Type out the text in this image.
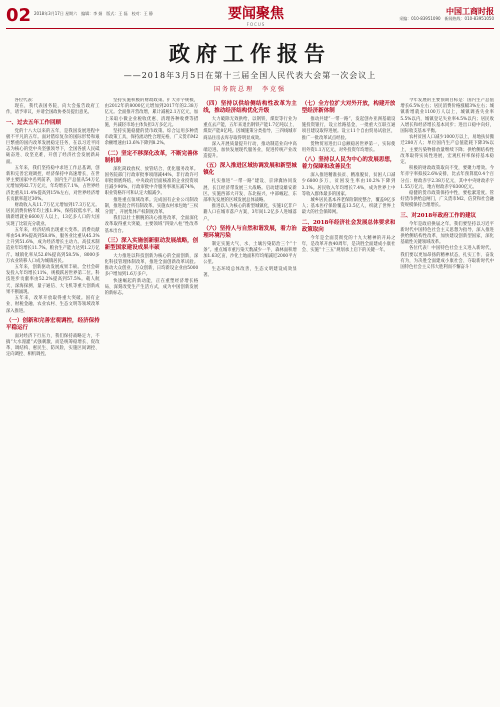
02 2018年3月17日 星期六　编辑：李 娟　版式：王 磊　校对：王 静	要闻聚焦
FOCUS
中国工商时报
采编：010-83951090　新闻热线：010-83951050
政府工作报告
——2018年3月5日在第十三届全国人民代表大会第一次会议上
国务院总理　李克强

各位代表：

现在，我代表国务院，向大会报告政府工作，请予审议，并请全国政协委员提出意见。

一、过去五年工作回顾

党的十八大以来的五年，是我国发展进程中极不平凡的五年。面对错综复杂的国际形势和艰巨繁重的国内改革发展稳定任务，在以习近平同志为核心的党中央坚强领导下，全国各族人民砥砺奋进、攻坚克难，开创了经济社会发展新局面。

五年来，我们坚持稳中求进工作总基调，创新和完善宏观调控，经济保持中高速增长，在世界主要国家中名列前茅，国内生产总值从54万亿元增加到82.7万亿元，年均增长7.1%，占世界经济比重从11.4%提高到15%左右，对世界经济增长贡献率超过30%。

财政收入从11.7万亿元增加到17.3万亿元。居民消费价格年均上涨1.9%，保持较低水平。城镇新增就业6600万人以上，13亿多人口的大国实现了比较充分就业。

五年来，经济结构出现重大变革。消费贡献率由54.9%提高到58.8%，服务业比重从45.3%上升到51.6%，成为经济增长主动力。高技术制造业年均增长11.7%。粮食生产能力达到1.2万亿斤。城镇化率从52.6%提高到58.5%，8000多万农业转移人口成为城镇居民。

五年来，创新驱动发展成果丰硕。全社会研发投入年均增长11%，规模跃居世界第二位。科技进步贡献率由52.2%提高到57.5%。载人航天、深海探测、量子通信、大飞机等重大创新成果不断涌现。

五年来，改革开放取得重大突破。国有企业、财税金融、农业农村、生态文明等领域改革深入推进。

（一）创新和完善宏观调控，经济保持平稳运行

面对经济下行压力，我们保持战略定力，不搞“大水漫灌”式强刺激，而是统筹稳增长、促改革、调结构、惠民生、防风险，实施区间调控、定向调控、相机调控。

坚持实施积极的财政政策。扩大赤字规模，由2012年的8000亿元增加到2017年的2.38万亿元。全面推开营改增，累计减税2.1万亿元，加上采取小微企业税收优惠、清理各种收费等措施，共减轻市场主体负担3万多亿元。

坚持实施稳健的货币政策。综合运用多种货币政策工具，保持流动性合理充裕，广义货币M2余额增速由13.6%下降到8.2%。

（二）坚定不移深化改革，不断完善体制机制

深化简政放权、放管结合、优化服务改革。国务院部门行政审批事项削减44%，非行政许可审批彻底终结，中央政府层面核准的企业投资项目减少90%，行政审批中介服务事项压减74%，职业资格许可和认定大幅减少。

推进重点领域改革。完成国有企业公司制改制，推进混合所有制改革。实施农村承包地“三权分置”，开展集体产权制度改革。

我们以壮士断腕的决心推进改革，全面深化改革取得重大突破，主要领域“四梁八柱”性改革基本出台。

（三）深入实施创新驱动发展战略，创新型国家建设成果丰硕

大力推进以科技创新为核心的全面创新，深化科技管理体制改革，推进全面创新改革试验。推动大众创业、万众创新，日均新设企业由5000多户增加到1.6万多户。

快速崛起的新动能，正在重塑经济增长格局、深刻改变生产生活方式，成为中国创新发展的新标志。

（四）坚持以供给侧结构性改革为主线，推动经济结构优化升级

大力破除无效供给，以钢铁、煤炭等行业为重点去产能，五年来退出钢铁产能1.7亿吨以上、煤炭产能8亿吨。因城施策分类指导，三四线城市商品住房去库存取得明显成效。

深入开展质量提升行动，推动制造业向中高端迈进。加快发展现代服务业，促进传统产业改造提升。

（五）深入推进区域协调发展和新型城镇化

扎实推进“一带一路”建设、京津冀协同发展、长江经济带发展三大战略。启动建设雄安新区。实施西部大开发、东北振兴、中部崛起、东部率先发展的区域发展总体战略。

推进以人为核心的新型城镇化，实施1亿非户籍人口在城市落户方案，3年间1.2亿多人进城落户。

（六）坚持人与自然和谐发展，着力治理环境污染

制定实施大气、水、土壤污染防治三个“十条”。重点城市重污染天数减少一半，森林面积增加1.63亿亩，沙化土地面积年均缩减近2000平方公里。

生态环境总体改善，生态文明建设成效显著。

（七）全方位扩大对外开放，构建开放型经济新体制

推动共建“一带一路”，发起创办亚洲基础设施投资银行，设立丝路基金，一批重大互联互通项目建设取得进展。设立11个自由贸易试验区，推广一批改革试点经验。

货物贸易进出口总额稳居世界第一，实际使用外资1.1万亿元，对外投资年均增长。

（八）坚持以人民为中心的发展思想，着力保障和改善民生

深入推进精准扶贫、精准脱贫，贫困人口减少6800多万，贫困发生率由10.2%下降到3.1%。居民收入年均增长7.4%，成为世界上中等收入群体最多的国家。

城乡居民基本养老保险制度整合，覆盖9亿多人；基本医疗保险覆盖13.5亿人，织就了世界上最大的社会保障网。

二、2018年经济社会发展总体要求和政策取向

今年是全面贯彻党的十九大精神的开局之年，是改革开放40周年，是决胜全面建成小康社会、实施“十三五”规划承上启下的关键一年。

今年发展的主要预期目标是：国内生产总值增长6.5%左右；居民消费价格涨幅3%左右；城镇新增就业1100万人以上，城镇调查失业率5.5%以内，城镇登记失业率4.5%以内；居民收入增长和经济增长基本同步；进出口稳中向好，国际收支基本平衡。

农村贫困人口减少1000万以上，易地扶贫搬迁280万人；单位国内生产总值能耗下降3%以上，主要污染物排放量继续下降；供给侧结构性改革取得实质性进展，宏观杠杆率保持基本稳定。

积极的财政政策取向不变，要聚力增效。今年赤字率拟按2.6%安排，比去年预算低0.4个百分点；财政赤字2.38万亿元，其中中央财政赤字1.55万亿元，地方财政赤字8300亿元。

稳健的货币政策保持中性，要松紧适度。管好货币供给总闸门，广义货币M2、信贷和社会融资规模保持合理增长。

三、对2018年政府工作的建议

今年是政府换届之年。我们要坚持以习近平新时代中国特色社会主义思想为指导，深入推进供给侧结构性改革，加快建设创新型国家，深化基础性关键领域改革。

各位代表！中国特色社会主义进入新时代，我们要以更加昂扬的精神状态，扎实工作、奋发有为，为决胜全面建成小康社会、夺取新时代中国特色社会主义伟大胜利而不懈奋斗！
